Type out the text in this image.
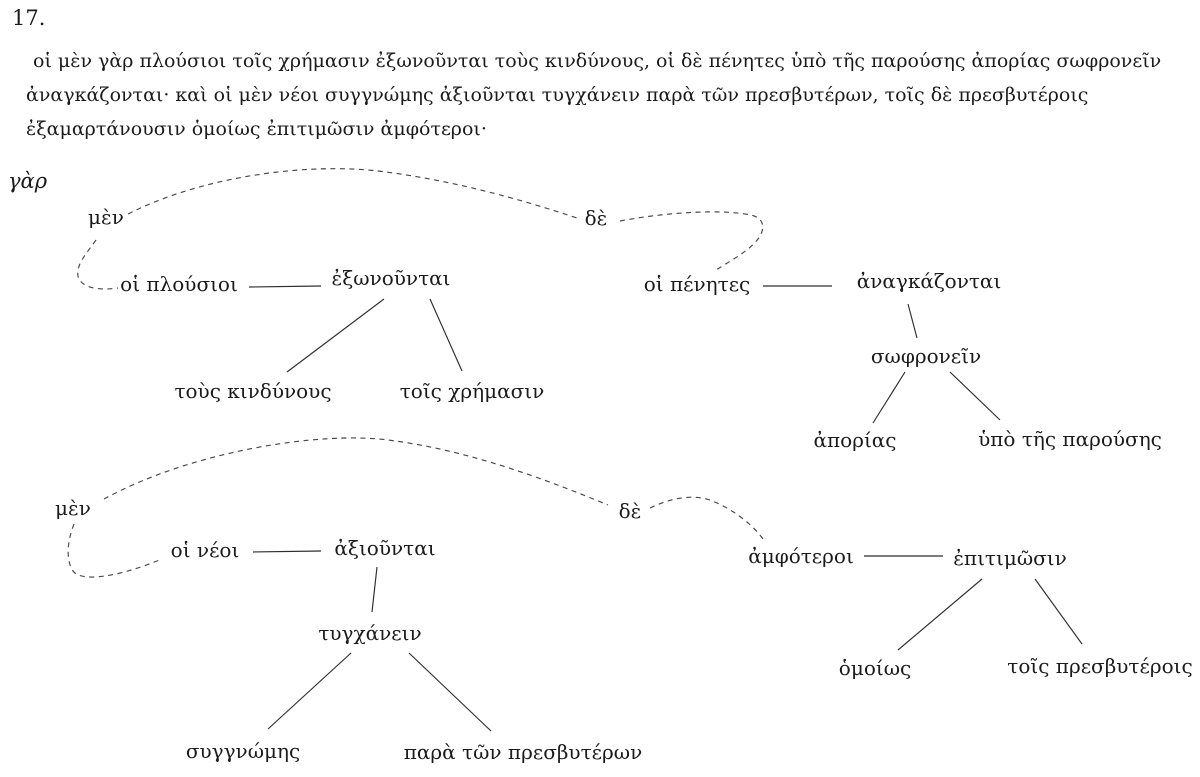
17.
οἱ μὲν γὰρ πλούσιοι τοῖς χρήμασιν ἐξωνοῦνται τοὺς κινδύνους, οἱ δὲ πένητες ὑπὸ τῆς παρούσης ἀπορίας σωφρονεῖν
ἀναγκάζονται· καὶ οἱ μὲν νέοι συγγνώμης ἀξιοῦνται τυγχάνειν παρὰ τῶν πρεσβυτέρων, τοῖς δὲ πρεσβυτέροις
ἐξαμαρτάνουσιν ὁμοίως ἐπιτιμῶσιν ἀμφότεροι·
γὰρ
μὲν	δὲ
οἱ πλούσιοι	ἐξωνοῦνται
τοὺς κινδύνους	τοῖς χρήμασιν
οἱ πένητες	ἀναγκάζονται
σωφρονεῖν
ἀπορίας	ὑπὸ τῆς παρούσης
μὲν	δὲ
οἱ νέοι	ἀξιοῦνται
τυγχάνειν
συγγνώμης	παρὰ τῶν πρεσβυτέρων
ἀμφότεροι	ἐπιτιμῶσιν
ὁμοίως	τοῖς πρεσβυτέροις
